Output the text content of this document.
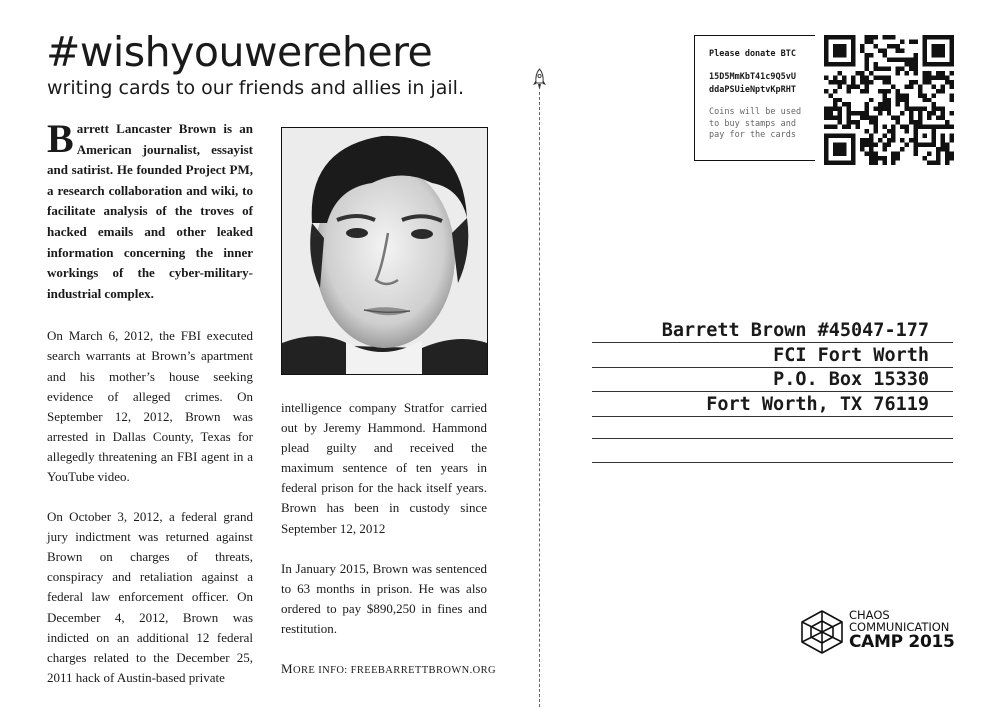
#wishyouwerehere
writing cards to our friends and allies in jail.

Barrett Lancaster Brown is an American journalist, essayist and satirist. He founded Project PM, a research collaboration and wiki, to facilitate analysis of the troves of hacked emails and other leaked information concerning the inner workings of the cyber-military-industrial complex.

On March 6, 2012, the FBI executed search warrants at Brown’s apartment and his mother’s house seeking evidence of alleged crimes. On September 12, 2012, Brown was arrested in Dallas County, Texas for allegedly threatening an FBI agent in a YouTube video.

On October 3, 2012, a federal grand jury indictment was returned against Brown on charges of threats, conspiracy and retaliation against a federal law enforcement officer. On December 4, 2012, Brown was indicted on an additional 12 federal charges related to the December 25, 2011 hack of Austin-based private

intelligence company Stratfor carried out by Jeremy Hammond. Hammond plead guilty and received the maximum sentence of ten years in federal prison for the hack itself years. Brown has been in custody since September 12, 2012

In January 2015, Brown was sentenced to 63 months in prison. He was also ordered to pay $890,250 in fines and restitution.

MORE INFO: FREEBARRETTBROWN.ORG
Please donate BTC
15D5MmKbT41c9Q5vU
ddaPSUieNptvKpRHT
Coins will be used
to buy stamps and
pay for the cards
Barrett Brown #45047-177
FCI Fort Worth
P.O. Box 15330
Fort Worth, TX 76119
CHAOS
COMMUNICATION
CAMP 2015
